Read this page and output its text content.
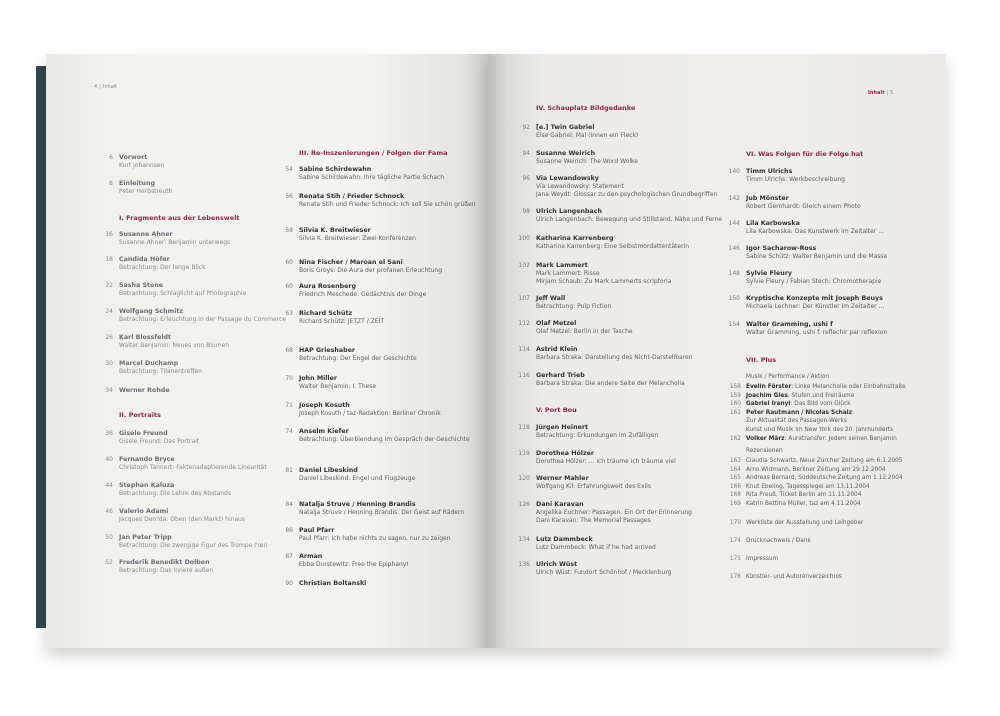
4 | Inhalt
6 Vorwort
Kurt Johannsen
8 Einleitung
Peter Herbstreuth
I. Fragmente aus der Lebenswelt
16 Susanne Ahner
Susanne Ahner: Benjamin unterwegs
18 Candida Höfer
Betrachtung: Der lange Blick
22 Sasha Stone
Betrachtung: Schlaglicht auf Photographie
24 Wolfgang Schmitz
Betrachtung: Erleuchtung in der Passage du Commerce
26 Karl Blossfeldt
Walter Benjamin: Neues von Blumen
30 Marcel Duchamp
Betrachtung: Tilanentreffen
34 Werner Rohde
II. Portraits
36 Gisèle Freund
Gisèle Freund: Das Portrait
40 Fernando Bryce
Christoph Tannert: Faktenadaptierende Linearität
44 Stephan Kaluza
Betrachtung: Die Lehre des Abstands
46 Valerio Adami
Jacques Derrida: Oben (den Markt) hinaus
50 Jan Peter Tripp
Betrachtung: Die zwergige Figur des Trompe l'œil
52 Frederik Benedikt Dolben
Betrachtung: Das Innere außen
III. Re-Inszenierungen / Folgen der Fama
54 Sabine Schirdewahn
Sabine Schirdewahn: Ihre tägliche Partie Schach
56 Renata Stih / Frieder Schnock
Renata Stih und Frieder Schnock: Ich soll Sie schön grüßen
58 Silvia K. Breitwieser
Silvia K. Breitwieser: Zwei Konferenzen
60 Nina Fischer / Maroan el Sani
Boris Groys: Die Aura der profanen Erleuchtung
60 Aura Rosenberg
Friedrich Meschede: Gedächtnis der Dinge
63 Richard Schütz
Richard Schütz: JETZT / ZEIT
68 HAP Grieshaber
Betrachtung: Der Engel der Geschichte
70 John Miller
Walter Benjamin: I. These
71 Joseph Kosuth
Joseph Kosuth / taz-Redaktion: Berliner Chronik
74 Anselm Kiefer
Betrachtung: Überblendung im Gespräch der Geschichte
81 Daniel Libeskind
Daniel Libeskind: Engel und Flugzeuge
84 Natalja Struve / Henning Brandis
Natalja Struve / Henning Brandis: Der Geist auf Rädern
86 Paul Pfarr
Paul Pfarr: Ich habe nichts zu sagen, nur zu zeigen
87 Arman
Ebba Durstewitz: Free the Epiphany!
90 Christian Boltanski
Inhalt | 5
IV. Schauplatz Bildgedanke
92 [e.] Twin Gabriel
Else Gabriel: Mal (Innen ein Fleck)
94 Susanne Weirich
Susanne Weirich: The Word Wolke
96 Via Lewandowsky
Via Lewandowsky: Statement
Jana Weydt: Glossar zu den psychologischen Grundbegriffen
98 Ulrich Langenbach
Ulrich Langenbach: Bewegung und Stillstand, Nähe und Ferne
100 Katharina Karrenberg
Katharina Karrenberg: Eine Selbstmordattentäterin
102 Mark Lammert
Mark Lammert: Risse
Mirjam Schaub: Zu Mark Lammerts scriptoria
107 Jeff Wall
Betrachtung: Pulp Fiction
112 Olaf Metzel
Olaf Metzel: Berlin in der Tasche
114 Astrid Klein
Barbara Straka: Darstellung des Nicht-Darstellbaren
116 Gerhard Trieb
Barbara Straka: Die andere Seite der Melancholia
V. Port Bou
118 Jürgen Heinert
Betrachtung: Erkundungen im Zufälligen
119 Dorothea Hölzer
Dorothea Hölzer: ... ich träume ich träume viel
120 Werner Mahler
Wolfgang Kil: Erfahrungswelt des Exils
126 Dani Karavan
Angelika Euchner: Passagen. Ein Ort der Erinnerung
Dani Karavan: The Memorial Passages
134 Lutz Dammbeck
Lutz Dammbeck: What if he had arrived
136 Ulrich Wüst
Ulrich Wüst: Fundort Schönhof / Mecklenburg
VI. Was Folgen für die Folge hat
140 Timm Ulrichs
Timm Ulrichs: Werkbeschreibung
142 Jub Mönster
Robert Gernhardt: Gleich einem Photo
144 Lila Karbowska
Lila Karbowska: Das Kunstwerk im Zeitalter ...
146 Igor Sacharow-Ross
Sabine Schütz: Walter Benjamin und die Masse
148 Sylvie Fleury
Sylvie Fleury / Fabian Stech: Chromotherapie
150 Kryptische Konzepte mit Joseph Beuys
Michaela Lechner: Der Künstler im Zeitalter ...
154 Walter Gramming, ushi f
Walter Gramming, ushi f. reflechir par reflexion
VII. Plus
Musik / Performance / Aktion
158 Evelin Förster: Linke Melancholie oder Einbahnstraße
159 Joachim Gies: Stufen und Freiräume
160 Gabriel Iranyi: Das Bild vom Glück
161 Peter Rautmann / Nicolas Schalz:
Zur Aktualität des Passagen-Werks
Kunst und Musik im New York des 20. Jahrhunderts
162 Volker März: Auratransfer: Jedem seinen Benjamin
Rezensionen
163 Claudia Schwartz, Neue Zürcher Zeitung am 6.1.2005
164 Arno Widmann, Berliner Zeitung am 29.12.2004
165 Andreas Bernard, Süddeutsche Zeitung am 1.12.2004
166 Knut Ebeling, Tagesspiegel am 13.11.2004
168 Rita Preuß, Ticket Berlin am 11.11.2004
169 Katrin Bettina Müller, taz am 4.11.2004
170 Werkliste der Ausstellung und Leihgeber
174 Drucknachweis / Dank
175 Impressum
176 Künstler- und Autorenverzeichnis
